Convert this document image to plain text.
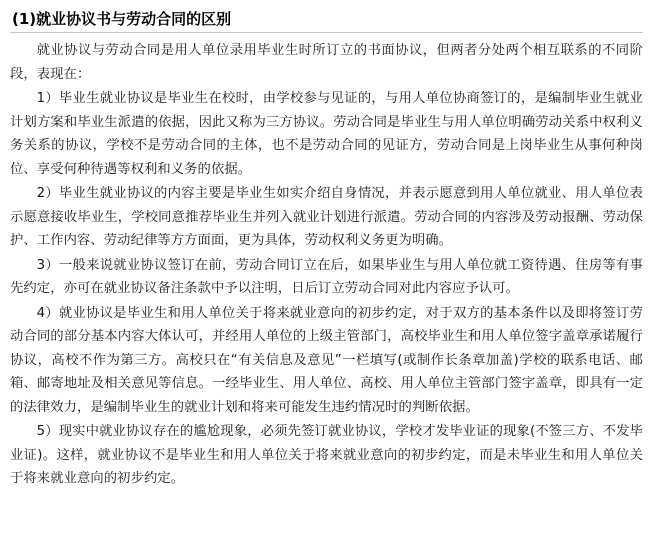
(1)就业协议书与劳动合同的区别

就业协议与劳动合同是用人单位录用毕业生时所订立的书面协议，但两者分处两个相互联系的不同阶段，表现在：

1）毕业生就业协议是毕业生在校时，由学校参与见证的，与用人单位协商签订的，是编制毕业生就业计划方案和毕业生派遣的依据，因此又称为三方协议。劳动合同是毕业生与用人单位明确劳动关系中权利义务关系的协议，学校不是劳动合同的主体，也不是劳动合同的见证方，劳动合同是上岗毕业生从事何种岗位、享受何种待遇等权利和义务的依据。

2）毕业生就业协议的内容主要是毕业生如实介绍自身情况，并表示愿意到用人单位就业、用人单位表示愿意接收毕业生，学校同意推荐毕业生并列入就业计划进行派遣。劳动合同的内容涉及劳动报酬、劳动保护、工作内容、劳动纪律等方方面面，更为具体，劳动权利义务更为明确。

3）一般来说就业协议签订在前，劳动合同订立在后，如果毕业生与用人单位就工资待遇、住房等有事先约定，亦可在就业协议备注条款中予以注明，日后订立劳动合同对此内容应予认可。

4）就业协议是毕业生和用人单位关于将来就业意向的初步约定，对于双方的基本条件以及即将签订劳动合同的部分基本内容大体认可，并经用人单位的上级主管部门，高校毕业生和用人单位签字盖章承诺履行协议，高校不作为第三方。高校只在“有关信息及意见”一栏填写(或制作长条章加盖)学校的联系电话、邮箱、邮寄地址及相关意见等信息。一经毕业生、用人单位、高校、用人单位主管部门签字盖章，即具有一定的法律效力，是编制毕业生的就业计划和将来可能发生违约情况时的判断依据。

5）现实中就业协议存在的尴尬现象，必须先签订就业协议，学校才发毕业证的现象(不签三方、不发毕业证)。这样，就业协议不是毕业生和用人单位关于将来就业意向的初步约定，而是未毕业生和用人单位关于将来就业意向的初步约定。
